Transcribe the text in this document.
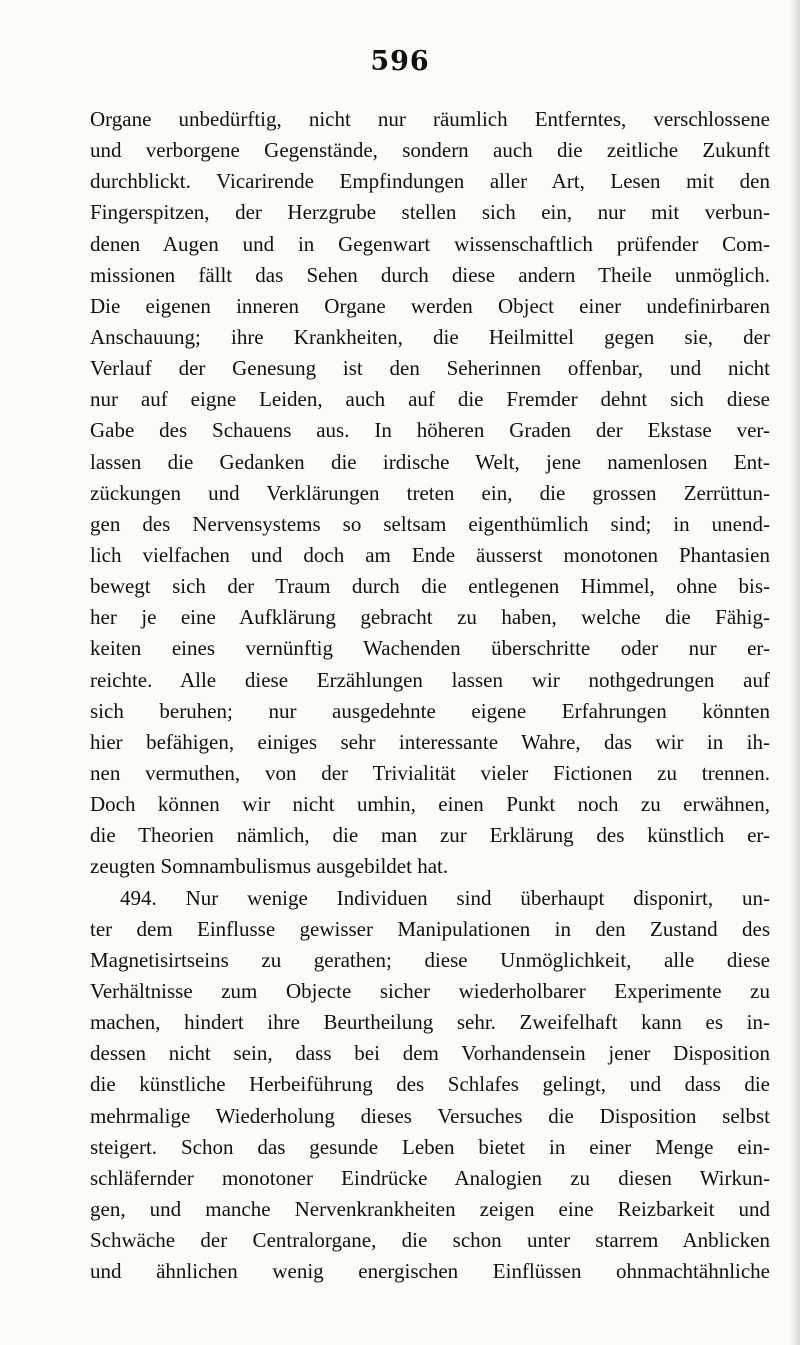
596
Organe unbedürftig, nicht nur räumlich Entferntes, verschlossene
und verborgene Gegenstände, sondern auch die zeitliche Zukunft
durchblickt. Vicarirende Empfindungen aller Art, Lesen mit den
Fingerspitzen, der Herzgrube stellen sich ein, nur mit verbun-
denen Augen und in Gegenwart wissenschaftlich prüfender Com-
missionen fällt das Sehen durch diese andern Theile unmöglich.
Die eigenen inneren Organe werden Object einer undefinirbaren
Anschauung; ihre Krankheiten, die Heilmittel gegen sie, der
Verlauf der Genesung ist den Seherinnen offenbar, und nicht
nur auf eigne Leiden, auch auf die Fremder dehnt sich diese
Gabe des Schauens aus. In höheren Graden der Ekstase ver-
lassen die Gedanken die irdische Welt, jene namenlosen Ent-
zückungen und Verklärungen treten ein, die grossen Zerrüttun-
gen des Nervensystems so seltsam eigenthümlich sind; in unend-
lich vielfachen und doch am Ende äusserst monotonen Phantasien
bewegt sich der Traum durch die entlegenen Himmel, ohne bis-
her je eine Aufklärung gebracht zu haben, welche die Fähig-
keiten eines vernünftig Wachenden überschritte oder nur er-
reichte. Alle diese Erzählungen lassen wir nothgedrungen auf
sich beruhen; nur ausgedehnte eigene Erfahrungen könnten
hier befähigen, einiges sehr interessante Wahre, das wir in ih-
nen vermuthen, von der Trivialität vieler Fictionen zu trennen.
Doch können wir nicht umhin, einen Punkt noch zu erwähnen,
die Theorien nämlich, die man zur Erklärung des künstlich er-
zeugten Somnambulismus ausgebildet hat.
494. Nur wenige Individuen sind überhaupt disponirt, un-
ter dem Einflusse gewisser Manipulationen in den Zustand des
Magnetisirtseins zu gerathen; diese Unmöglichkeit, alle diese
Verhältnisse zum Objecte sicher wiederholbarer Experimente zu
machen, hindert ihre Beurtheilung sehr. Zweifelhaft kann es in-
dessen nicht sein, dass bei dem Vorhandensein jener Disposition
die künstliche Herbeiführung des Schlafes gelingt, und dass die
mehrmalige Wiederholung dieses Versuches die Disposition selbst
steigert. Schon das gesunde Leben bietet in einer Menge ein-
schläfernder monotoner Eindrücke Analogien zu diesen Wirkun-
gen, und manche Nervenkrankheiten zeigen eine Reizbarkeit und
Schwäche der Centralorgane, die schon unter starrem Anblicken
und ähnlichen wenig energischen Einflüssen ohnmachtähnliche
